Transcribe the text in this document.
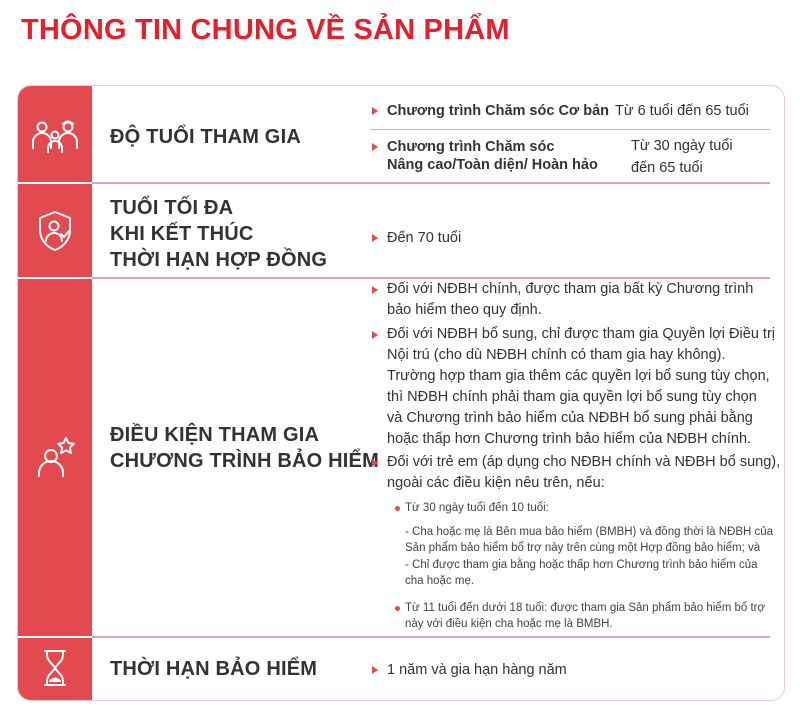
THÔNG TIN CHUNG VỀ SẢN PHẨM
ĐỘ TUỔI THAM GIA
Chương trình Chăm sóc Cơ bản Từ 6 tuổi đến 65 tuổi
Chương trình Chăm sóc
Nâng cao/Toàn diện/ Hoàn hảo
Từ 30 ngày tuổi
đến 65 tuổi
TUỔI TỐI ĐA
KHI KẾT THÚC
THỜI HẠN HỢP ĐỒNG
Đến 70 tuổi
ĐIỀU KIỆN THAM GIA
CHƯƠNG TRÌNH BẢO HIỂM
Đối với NĐBH chính, được tham gia bất kỳ Chương trình
bảo hiểm theo quy định.
Đối với NĐBH bổ sung, chỉ được tham gia Quyền lợi Điều trị
Nội trú (cho dù NĐBH chính có tham gia hay không).
Trường hợp tham gia thêm các quyền lợi bổ sung tùy chọn,
thì NĐBH chính phải tham gia quyền lợi bổ sung tùy chọn
và Chương trình bảo hiểm của NĐBH bổ sung phải bằng
hoặc thấp hơn Chương trình bảo hiểm của NĐBH chính.
Đối với trẻ em (áp dụng cho NĐBH chính và NĐBH bổ sung),
ngoài các điều kiện nêu trên, nếu:
Từ 30 ngày tuổi đến 10 tuổi:
- Cha hoặc mẹ là Bên mua bảo hiểm (BMBH) và đồng thời là NĐBH của
Sản phẩm bảo hiểm bổ trợ này trên cùng một Hợp đồng bảo hiểm; và
- Chỉ được tham gia bằng hoặc thấp hơn Chương trình bảo hiểm của
cha hoặc mẹ.
Từ 11 tuổi đến dưới 18 tuổi: được tham gia Sản phẩm bảo hiểm bổ trợ
này với điều kiện cha hoặc mẹ là BMBH.
THỜI HẠN BẢO HIỂM	1 năm và gia hạn hàng năm
